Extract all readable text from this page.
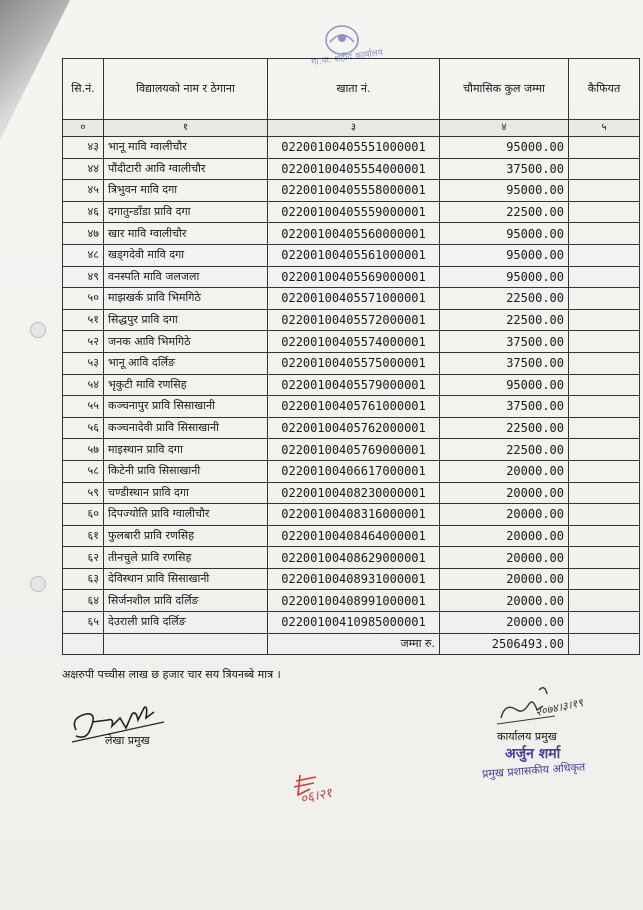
गा.पा. शहीद कार्यालय
सि.नं.	विद्यालयको नाम र ठेगाना	खाता नं.	चौमासिक कुल जम्मा	कैफियत
०	१	३	४	५
४३	भानू मावि ग्वालीचौर	02200100405551000001	95000.00	
४४	पौंदीटारी आवि ग्वालीचौर	02200100405554000001	37500.00	
४५	त्रिभुवन मावि दगा	02200100405558000001	95000.00	
४६	दगातुन्डाँडा प्रावि दगा	02200100405559000001	22500.00	
४७	खार मावि ग्वालीचौर	02200100405560000001	95000.00	
४८	खड्गदेवी मावि दगा	02200100405561000001	95000.00	
४९	वनस्पति मावि जलजला	02200100405569000001	95000.00	
५०	माझखर्क प्रावि भिमगिठे	02200100405571000001	22500.00	
५१	सिद्धपुर प्रावि दगा	02200100405572000001	22500.00	
५२	जनक आवि भिमगिठे	02200100405574000001	37500.00	
५३	भानू आवि दर्लिङ	02200100405575000001	37500.00	
५४	भृकुटी मावि रणसिह	02200100405579000001	95000.00	
५५	कञ्चनापुर प्रावि सिसाखानी	02200100405761000001	37500.00	
५६	कञ्चनादेवी प्रावि सिसाखानी	02200100405762000001	22500.00	
५७	माइस्थान प्रावि दगा	02200100405769000001	22500.00	
५८	किटेनी प्रावि सिसाखानी	02200100406617000001	20000.00	
५९	चण्डीस्थान प्रावि दगा	02200100408230000001	20000.00	
६०	दिपज्योति प्रावि ग्वालीचौर	02200100408316000001	20000.00	
६१	फुलबारी प्रावि रणसिह	02200100408464000001	20000.00	
६२	तीनचुले प्रावि रणसिह	02200100408629000001	20000.00	
६३	देविस्थान प्रावि सिसाखानी	02200100408931000001	20000.00	
६४	सिर्जनशील प्रावि दर्लिङ	02200100408991000001	20000.00	
६५	देउराली प्रावि दर्लिङ	02200100410985000001	20000.00	
		जम्मा रु.	2506493.00	
अक्षरुपी पच्चीस लाख छ हजार चार सय त्रियनब्बे मात्र ।
लेखा प्रमुख
२०७४।३।१९
कार्यालय प्रमुख
अर्जुन शर्मा
प्रमुख प्रशासकीय अधिकृत
०६।२१
